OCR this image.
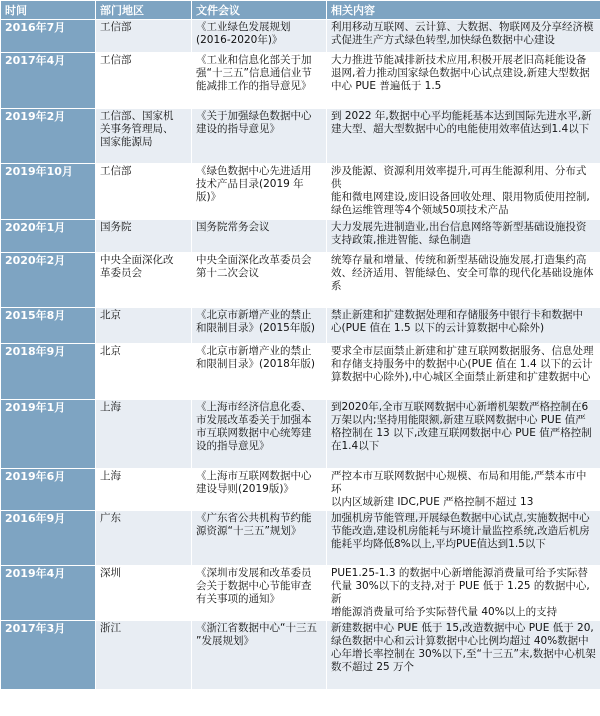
时间	部门地区	文件会议	相关内容
2016年7月	工信部	《工业绿色发展规划
(2016-2020年)》	利用移动互联网、云计算、大数据、物联网及分享经济模
式促进生产方式绿色转型,加快绿色数据中心建设
2017年4月	工信部	《工业和信息化部关于加
强“十三五”信息通信业节
能减排工作的指导意见》	大力推进节能减排新技术应用,积极开展老旧高耗能设备
退网,着力推动国家绿色数据中心试点建设,新建大型数据
中心 PUE 普遍低于 1.5
2019年2月	工信部、国家机
关事务管理局、
国家能源局	《关于加强绿色数据中心
建设的指导意见》	到 2022 年,数据中心平均能耗基本达到国际先进水平,新
建大型、超大型数据中心的电能使用效率值达到1.4以下
2019年10月	工信部	《绿色数据中心先进适用
技术产品目录(2019 年
版)》	涉及能源、资源利用效率提升,可再生能源利用、分布式供
能和微电网建设,废旧设备回收处理、限用物质使用控制,
绿色运维管理等4个领域50项技术产品
2020年1月	国务院	国务院常务会议	大力发展先进制造业,出台信息网络等新型基础设施投资
支持政策,推进智能、绿色制造
2020年2月	中央全面深化改
革委员会	中央全面深化改革委员会
第十二次会议	统筹存量和增量、传统和新型基础设施发展,打造集约高
效、经济适用、智能绿色、安全可靠的现代化基础设施体
系
2015年8月	北京	《北京市新增产业的禁止
和限制目录》(2015年版)	禁止新建和扩建数据处理和存储服务中银行卡和数据中
心(PUE 值在 1.5 以下的云计算数据中心除外)
2018年9月	北京	《北京市新增产业的禁止
和限制目录》(2018年版)	要求全市层面禁止新建和扩建互联网数据服务、信息处理
和存储支持服务中的数据中心(PUE 值在 1.4 以下的云计
算数据中心除外),中心城区全面禁止新建和扩建数据中心
2019年1月	上海	《上海市经济信息化委、
市发展改革委关于加强本
市互联网数据中心统筹建
设的指导意见》	到2020年,全市互联网数据中心新增机架数严格控制在6
万架以内;坚持用能限额,新建互联网数据中心 PUE 值严
格控制在 13 以下,改建互联网数据中心 PUE 值严格控制
在1.4以下
2019年6月	上海	《上海市互联网数据中心
建设导则(2019版)》	严控本市互联网数据中心规模、布局和用能,严禁本市中环
以内区域新建 IDC,PUE 严格控制不超过 13
2016年9月	广东	《广东省公共机构节约能
源资源“十三五”规划》	加强机房节能管理,开展绿色数据中心试点,实施数据中心
节能改造,建设机房能耗与环境计量监控系统,改造后机房
能耗平均降低8%以上,平均PUE值达到1.5以下
2019年4月	深圳	《深圳市发展和改革委员
会关于数据中心节能审查
有关事项的通知》	PUE1.25-1.3 的数据中心新增能源消费量可给予实际替
代量 30%以下的支持,对于 PUE 低于 1.25 的数据中心,新
增能源消费量可给予实际替代量 40%以上的支持
2017年3月	浙江	《浙江省数据中心“十三五
”发展规划》	新建数据中心 PUE 低于 15,改造数据中心 PUE 低于 20,
绿色数据中心和云计算数据中心比例均超过 40%数据中
心年增长率控制在 30%以下,至“十三五”末,数据中心机架
数不超过 25 万个
